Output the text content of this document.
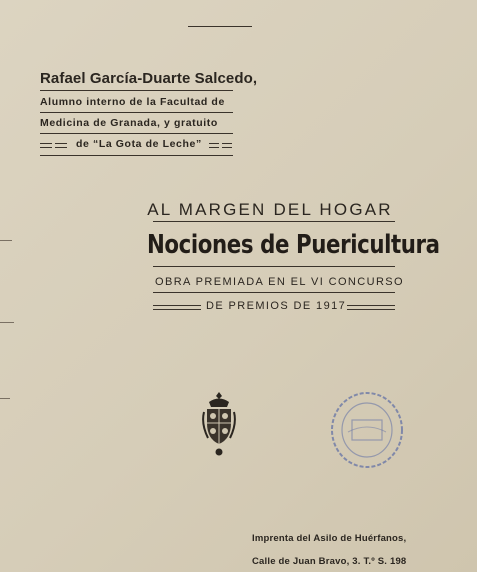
Rafael García-Duarte Salcedo,
Alumno interno de la Facultad de
Medicina de Granada, y gratuito
de “La Gota de Leche”
AL MARGEN DEL HOGAR
Nociones de Puericultura
OBRA PREMIADA EN EL VI CONCURSO
DE PREMIOS DE 1917
Imprenta del Asilo de Huérfanos,
Calle de Juan Bravo, 3. T.º S. 198
